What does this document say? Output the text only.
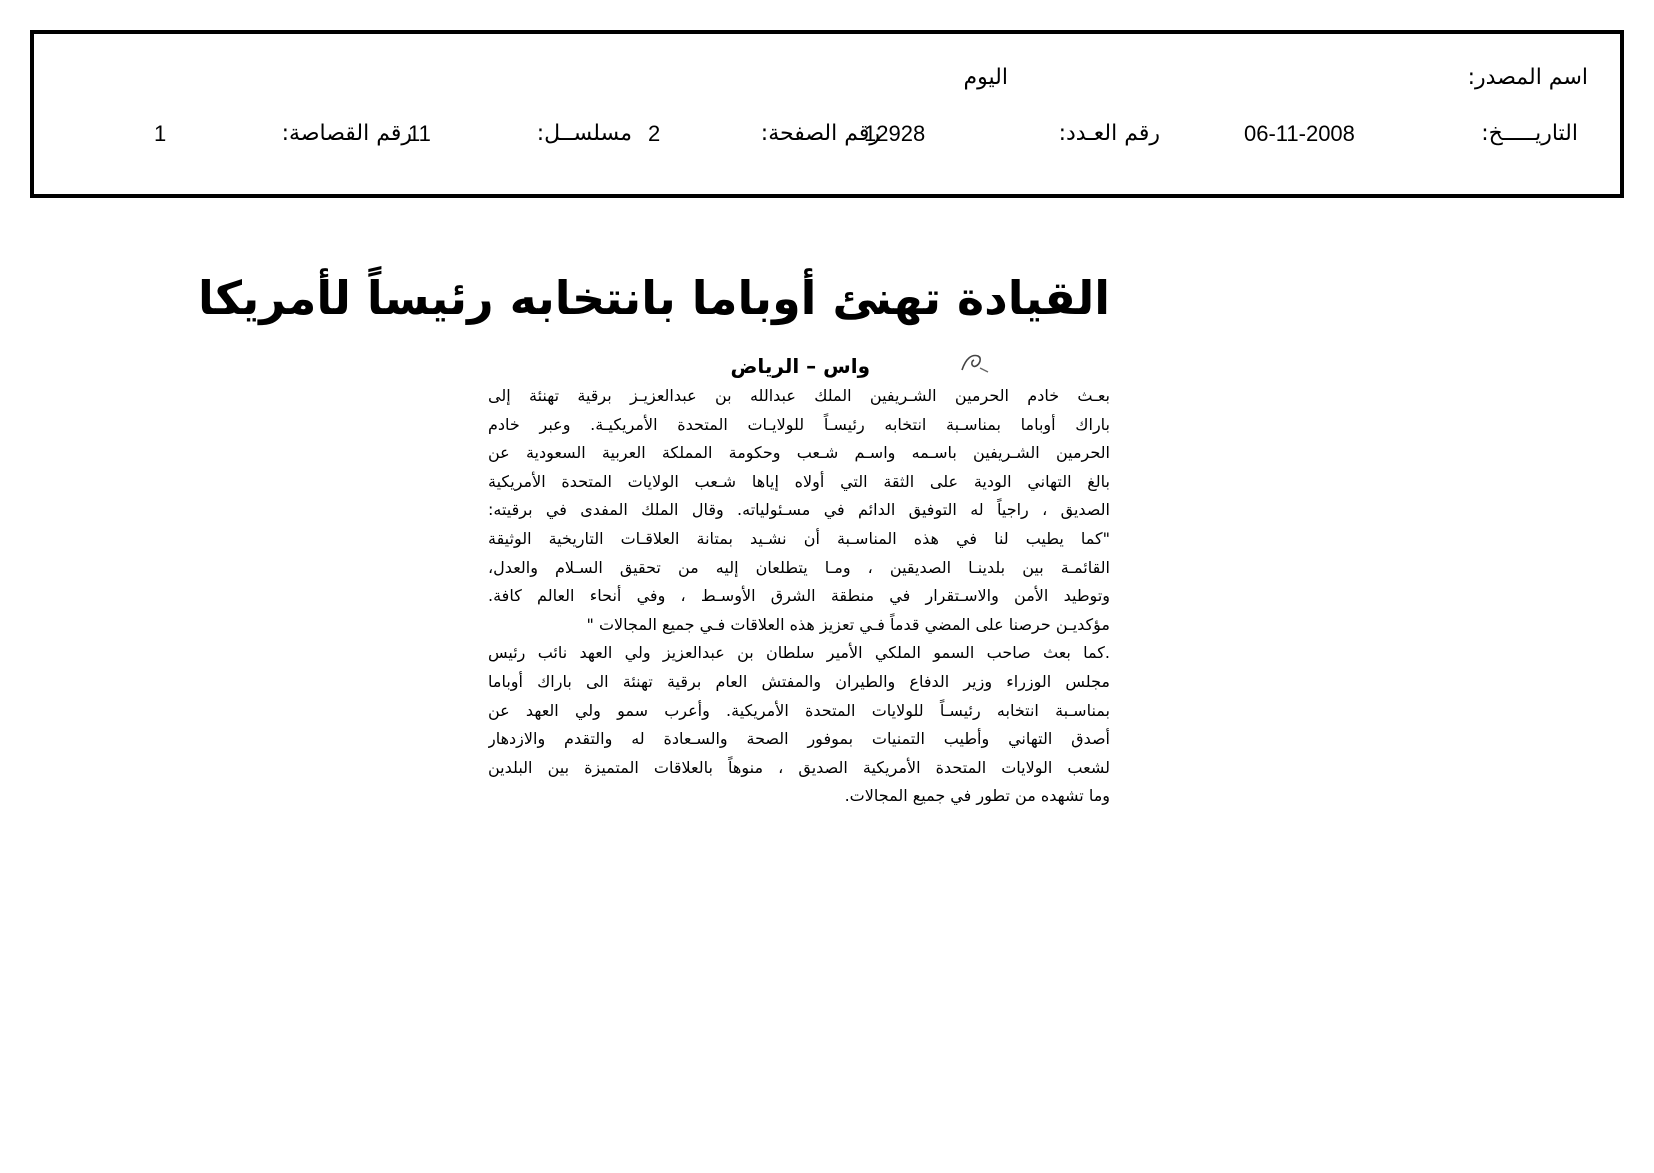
اسم المصدر:
اليوم
التاريـــــخ:
06-11-2008
رقم العـدد:
12928
رقم الصفحة:
2
مسلســل:
11
رقم القصاصة:
1
القيادة تهنئ أوباما بانتخابه رئيساً لأمريكا
واس – الرياض
بعـث خادم الحرمين الشـريفين الملك عبدالله بن عبدالعزيـز برقية تهنئة إلى
باراك أوباما بمناسـبة انتخابه رئيسـاً للولايـات المتحدة الأمريكيـة. وعبر خادم
الحرمين الشـريفين باسـمه واسـم شـعب وحكومة المملكة العربية السعودية عن
بالغ التهاني الودية على الثقة التي أولاه إياها شـعب الولايات المتحدة الأمريكية
الصديق ، راجياً له التوفيق الدائم في مسـئولياته. وقال الملك المفدى في برقيته:
"كما يطيب لنا في هذه المناسـبة أن نشـيد بمتانة العلاقـات التاريخية الوثيقة
القائمـة بين بلدينـا الصديقين ، ومـا يتطلعان إليه من تحقيق السـلام والعدل،
وتوطيد الأمن والاسـتقرار في منطقة الشرق الأوسـط ، وفي أنحاء العالم كافة.
مؤكديـن حرصنا على المضي قدماً فـي تعزيز هذه العلاقات فـي جميع المجالات "
.كما بعث صاحب السمو الملكي الأمير سلطان بن عبدالعزيز ولي العهد نائب رئيس
مجلس الوزراء وزير الدفاع والطيران والمفتش العام برقية تهنئة الى باراك أوباما
بمناسـبة انتخابه رئيسـاً للولايات المتحدة الأمريكية. وأعرب سمو ولي العهد عن
أصدق التهاني وأطيب التمنيات بموفور الصحة والسـعادة له والتقدم والازدهار
لشعب الولايات المتحدة الأمريكية الصديق ، منوهاً بالعلاقات المتميزة بين البلدين
وما تشهده من تطور في جميع المجالات.
